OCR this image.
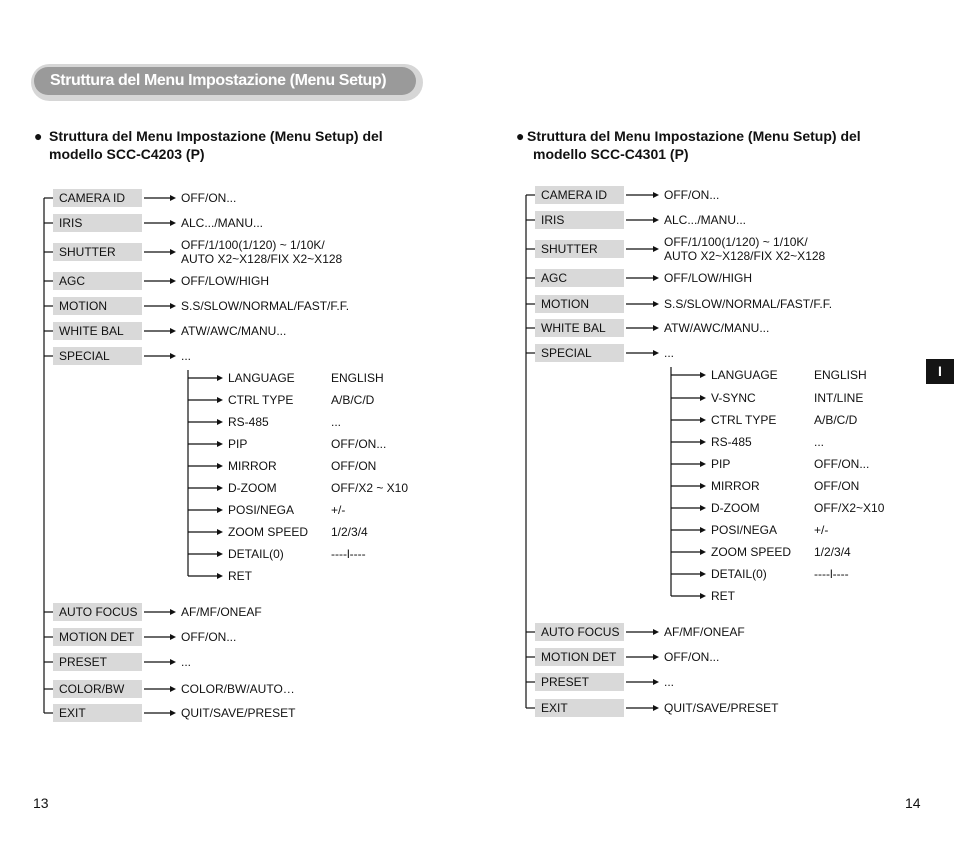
Struttura del Menu Impostazione (Menu Setup)
● Struttura del Menu Impostazione (Menu Setup) del
modello SCC-C4203 (P)
● Struttura del Menu Impostazione (Menu Setup) del
modello SCC-C4301 (P)
CAMERA ID	OFF/ON...
IRIS	ALC.../MANU...
SHUTTER	OFF/1/100(1/120) ~ 1/10K/
AUTO X2~X128/FIX X2~X128
AGC	OFF/LOW/HIGH
MOTION	S.S/SLOW/NORMAL/FAST/F.F.
WHITE BAL	ATW/AWC/MANU...
SPECIAL	...
AUTO FOCUS	AF/MF/ONEAF
MOTION DET	OFF/ON...
PRESET	...
COLOR/BW	COLOR/BW/AUTO…
EXIT	QUIT/SAVE/PRESET
LANGUAGE	ENGLISH
CTRL TYPE	A/B/C/D
RS-485	...
PIP	OFF/ON...
MIRROR	OFF/ON
D-ZOOM	OFF/X2 ~ X10
POSI/NEGA	+/-
ZOOM SPEED 1/2/3/4
DETAIL(0)	----l----
RET
CAMERA ID	OFF/ON...
IRIS	ALC.../MANU...
SHUTTER	OFF/1/100(1/120) ~ 1/10K/
AUTO X2~X128/FIX X2~X128
AGC	OFF/LOW/HIGH
MOTION	S.S/SLOW/NORMAL/FAST/F.F.
WHITE BAL	ATW/AWC/MANU...
SPECIAL	...
AUTO FOCUS	AF/MF/ONEAF
MOTION DET	OFF/ON...
PRESET	...
EXIT	QUIT/SAVE/PRESET
LANGUAGE	ENGLISH
V-SYNC	INT/LINE
CTRL TYPE	A/B/C/D
RS-485	...
PIP	OFF/ON...
MIRROR	OFF/ON
D-ZOOM	OFF/X2~X10
POSI/NEGA	+/-
ZOOM SPEED 1/2/3/4
DETAIL(0)	----l----
RET
I
13	14
